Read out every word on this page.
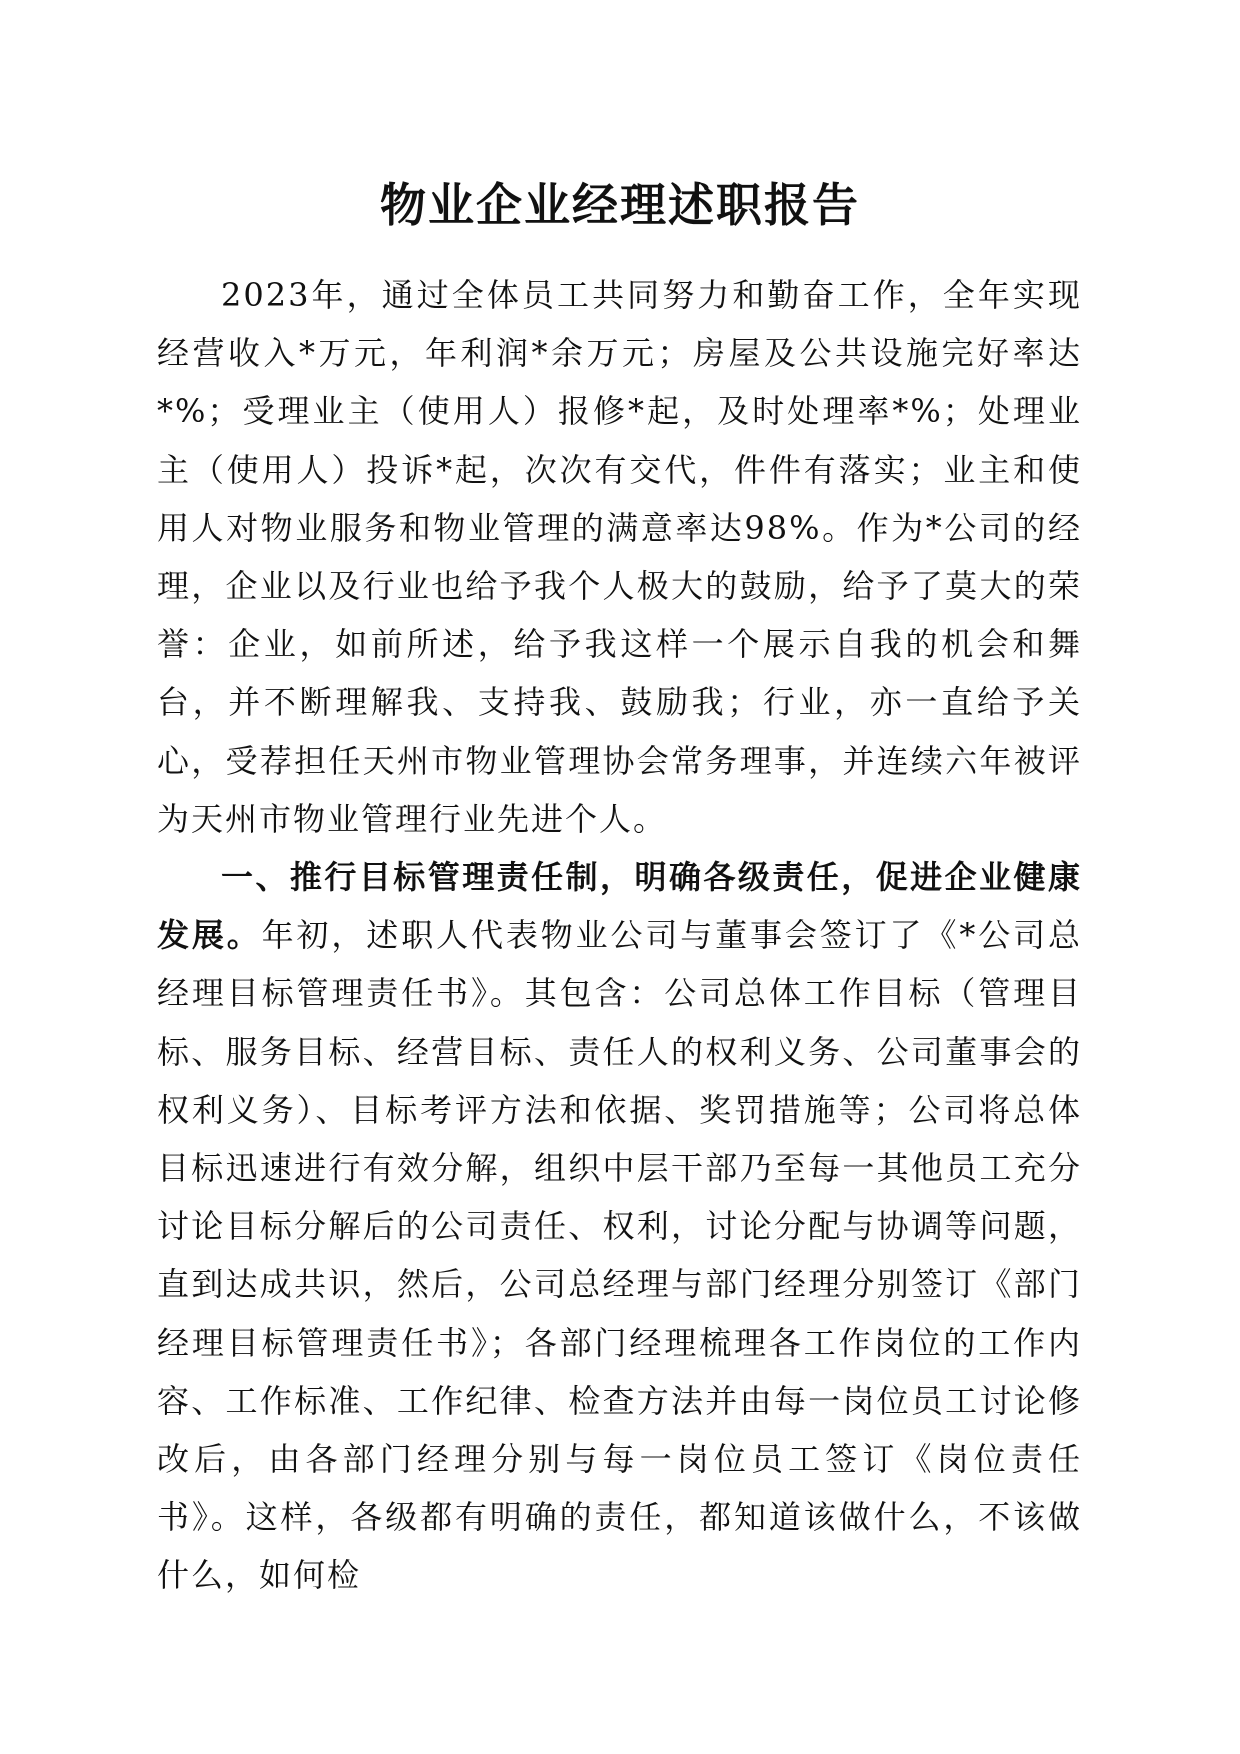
物业企业经理述职报告

2023年，通过全体员工共同努力和勤奋工作，全年实现经营收入*万元，年利润*余万元；房屋及公共设施完好率达*%；受理业主（使用人）报修*起，及时处理率*%；处理业主（使用人）投诉*起，次次有交代，件件有落实；业主和使用人对物业服务和物业管理的满意率达98%。作为*公司的经理，企业以及行业也给予我个人极大的鼓励，给予了莫大的荣誉：企业，如前所述，给予我这样一个展示自我的机会和舞台，并不断理解我、支持我、鼓励我；行业，亦一直给予关心，受荐担任天州市物业管理协会常务理事，并连续六年被评为天州市物业管理行业先进个人。

一、推行目标管理责任制，明确各级责任，促进企业健康发展。年初，述职人代表物业公司与董事会签订了《*公司总经理目标管理责任书》。其包含：公司总体工作目标（管理目标、服务目标、经营目标、责任人的权利义务、公司董事会的权利义务）、目标考评方法和依据、奖罚措施等；公司将总体目标迅速进行有效分解，组织中层干部乃至每一其他员工充分讨论目标分解后的公司责任、权利，讨论分配与协调等问题，直到达成共识，然后，公司总经理与部门经理分别签订《部门经理目标管理责任书》；各部门经理梳理各工作岗位的工作内容、工作标准、工作纪律、检查方法并由每一岗位员工讨论修改后，由各部门经理分别与每一岗位员工签订《岗位责任书》。这样，各级都有明确的责任，都知道该做什么，不该做什么，如何检
